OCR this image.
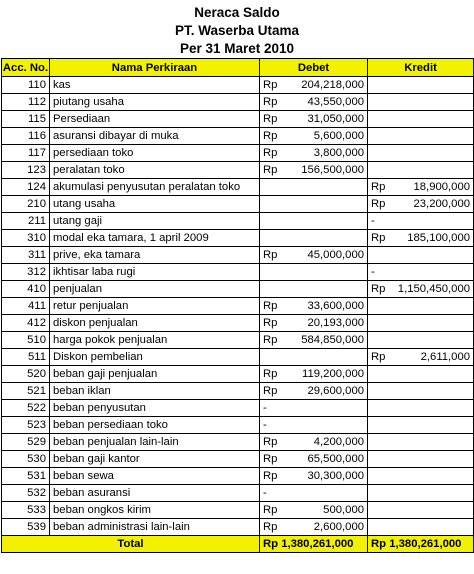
Neraca Saldo
PT. Waserba Utama
Per 31 Maret 2010
Acc. No.	Nama Perkiraan	Debet		Kredit	
110	kas	Rp	204,218,000		
112	piutang usaha	Rp	43,550,000		
115	Persediaan	Rp	31,050,000		
116	asuransi dibayar di muka	Rp	5,600,000		
117	persediaan toko	Rp	3,800,000		
123	peralatan toko	Rp	156,500,000		
124	akumulasi penyusutan peralatan toko			Rp	18,900,000
210	utang usaha			Rp	23,200,000
211	utang gaji			-	
310	modal eka tamara, 1 april 2009			Rp	185,100,000
311	prive, eka tamara	Rp	45,000,000		
312	ikhtisar laba rugi			-	
410	penjualan			Rp	1,150,450,000
411	retur penjualan	Rp	33,600,000		
412	diskon penjualan	Rp	20,193,000		
510	harga pokok penjualan	Rp	584,850,000		
511	Diskon pembelian			Rp	2,611,000
520	beban gaji penjualan	Rp	119,200,000		
521	beban iklan	Rp	29,600,000		
522	beban penyusutan	-			
523	beban persediaan toko	-			
529	beban penjualan lain-lain	Rp	4,200,000		
530	beban gaji kantor	Rp	65,500,000		
531	beban sewa	Rp	30,300,000		
532	beban asuransi	-			
533	beban ongkos kirim	Rp	500,000		
539	beban administrasi lain-lain	Rp	2,600,000		
Total		Rp 1,380,261,000		Rp 1,380,261,000	
